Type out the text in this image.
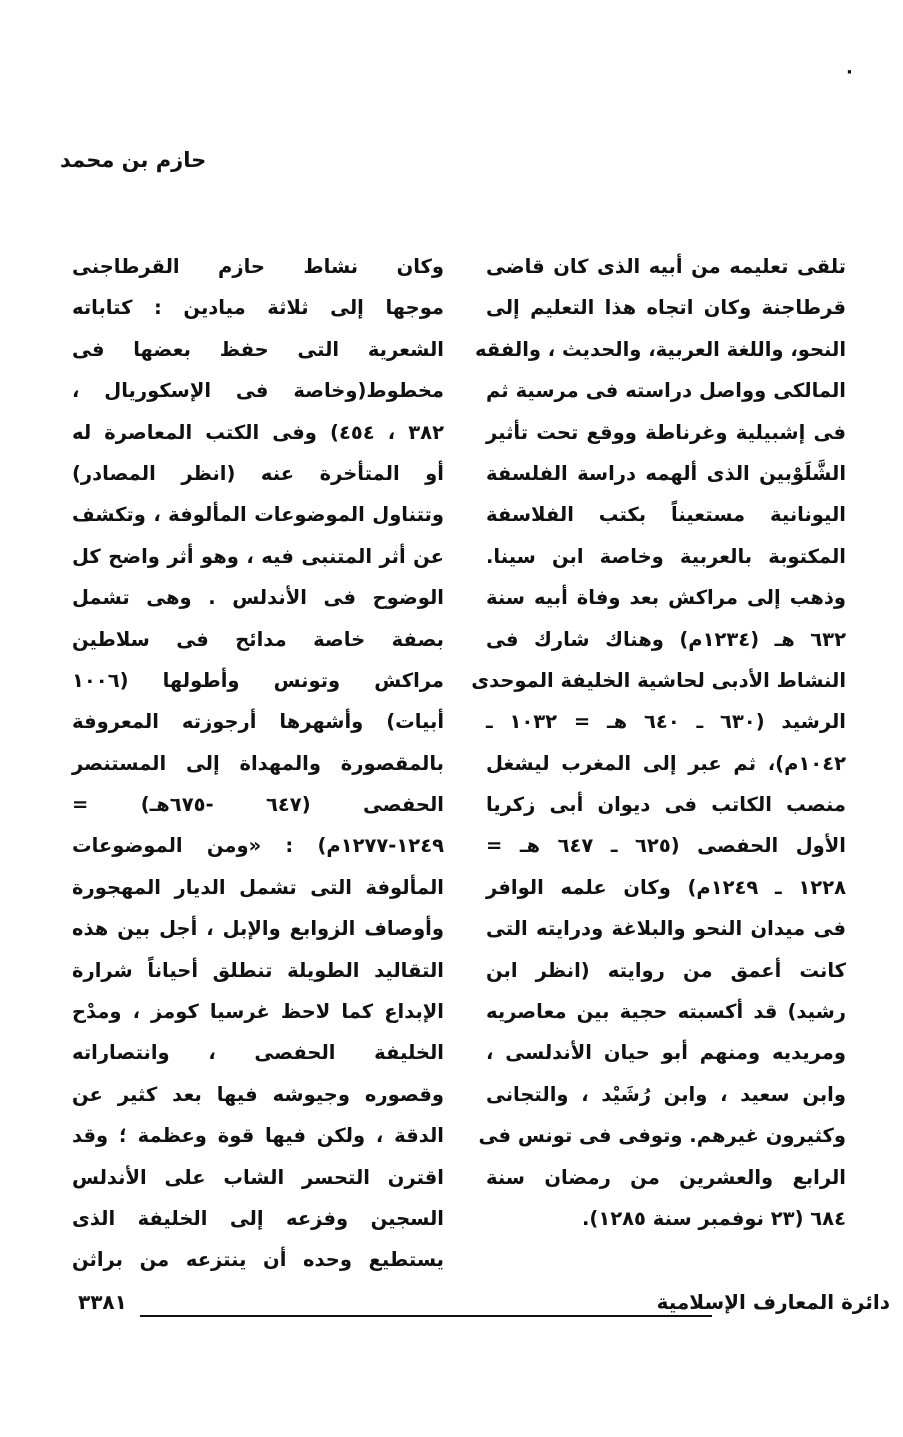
·
حازم بن محمد
تلقى تعليمه من أبيه الذى كان قاضى
قرطاجنة وكان اتجاه هذا التعليم إلى
النحو، واللغة العربية، والحديث ، والفقه
المالكى وواصل دراسته فى مرسية ثم
فى إشبيلية وغرناطة ووقع تحت تأثير
الشَّلَوْبين الذى ألهمه دراسة الفلسفة
اليونانية مستعيناً بكتب الفلاسفة
المكتوبة بالعربية وخاصة ابن سينا.
وذهب إلى مراكش بعد وفاة أبيه سنة
٦٣٢ هـ (١٢٣٤م) وهناك شارك فى
النشاط الأدبى لحاشية الخليفة الموحدى
الرشيد (٦٣٠ ـ ٦٤٠ هـ = ١٠٣٢ ـ
١٠٤٢م)، ثم عبر إلى المغرب ليشغل
منصب الكاتب فى ديوان أبى زكريا
الأول الحفصى (٦٢٥ ـ ٦٤٧ هـ =
١٢٢٨ ـ ١٢٤٩م) وكان علمه الوافر
فى ميدان النحو والبلاغة ودرايته التى
كانت أعمق من روايته (انظر ابن
رشيد) قد أكسبته حجية بين معاصريه
ومريديه ومنهم أبو حيان الأندلسى ،
وابن سعيد ، وابن رُشَيْد ، والتجانى
وكثيرون غيرهم. وتوفى فى تونس فى
الرابع والعشرين من رمضان سنة
٦٨٤ (٢٣ نوفمبر سنة ١٢٨٥).
وكان نشاط حازم القرطاجنى
موجها إلى ثلاثة ميادين : كتاباته
الشعرية التى حفظ بعضها فى
مخطوط(وخاصة فى الإسكوريال ،
٣٨٢ ، ٤٥٤) وفى الكتب المعاصرة له
أو المتأخرة عنه (انظر المصادر)
وتتناول الموضوعات المألوفة ، وتكشف
عن أثر المتنبى فيه ، وهو أثر واضح كل
الوضوح فى الأندلس . وهى تشمل
بصفة خاصة مدائح فى سلاطين
مراكش وتونس وأطولها (١٠٠٦
أبيات) وأشهرها أرجوزته المعروفة
بالمقصورة والمهداة إلى المستنصر
الحفصى (٦٤٧ -٦٧٥هـ) =
١٢٤٩-١٢٧٧م) : «ومن الموضوعات
المألوفة التى تشمل الديار المهجورة
وأوصاف الزوابع والإبل ، أجل بين هذه
التقاليد الطويلة تنطلق أحياناً شرارة
الإبداع كما لاحظ غرسيا كومز ، ومدْح
الخليفة الحفصى ، وانتصاراته
وقصوره وجيوشه فيها بعد كثير عن
الدقة ، ولكن فيها قوة وعظمة ؛ وقد
اقترن التحسر الشاب على الأندلس
السجين وفزعه إلى الخليفة الذى
يستطيع وحده أن ينتزعه من براثن
دائرة المعارف الإسلامية
٣٣٨١
